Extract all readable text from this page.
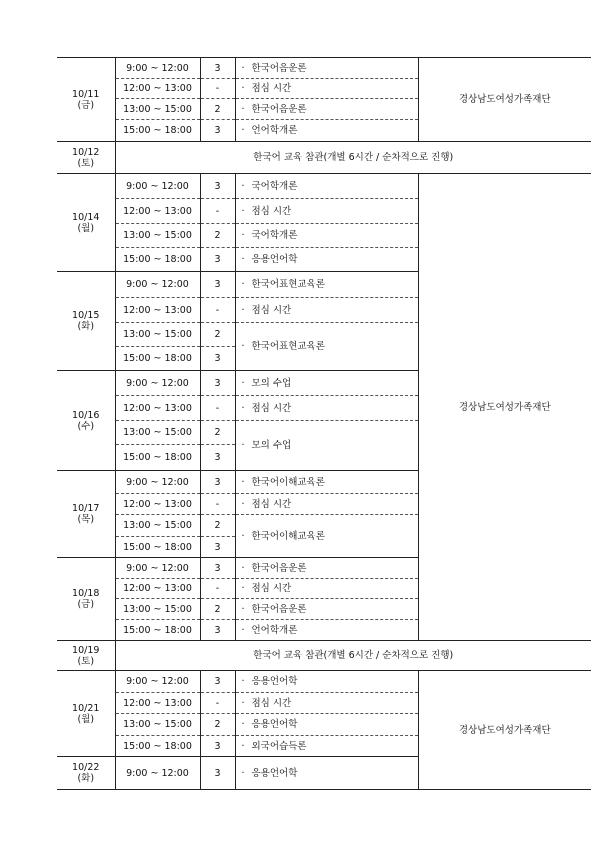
10/11
(금)	9:00 ~ 12:00	3	· 한국어음운론	경상남도여성가족재단
	12:00 ~ 13:00	-	· 점심 시간	
	13:00 ~ 15:00	2	· 한국어음운론	
	15:00 ~ 18:00	3	· 언어학개론	

10/12
(토)	한국어 교육 참관(개별 6시간 / 순차적으로 진행)			

10/14
(월)	9:00 ~ 12:00	3	· 국어학개론	경상남도여성가족재단
	12:00 ~ 13:00	-	· 점심 시간	
	13:00 ~ 15:00	2	· 국어학개론	
	15:00 ~ 18:00	3	· 응용언어학	

10/15
(화)	9:00 ~ 12:00	3	· 한국어표현교육론	
	12:00 ~ 13:00	-	· 점심 시간	
	13:00 ~ 15:00	2	· 한국어표현교육론	
	15:00 ~ 18:00	3		

10/16
(수)	9:00 ~ 12:00	3	· 모의 수업	
	12:00 ~ 13:00	-	· 점심 시간	
	13:00 ~ 15:00	2	· 모의 수업	
	15:00 ~ 18:00	3		

10/17
(목)	9:00 ~ 12:00	3	· 한국어이해교육론	
	12:00 ~ 13:00	-	· 점심 시간	
	13:00 ~ 15:00	2	· 한국어이해교육론	
	15:00 ~ 18:00	3		

10/18
(금)	9:00 ~ 12:00	3	· 한국어음운론	
	12:00 ~ 13:00	-	· 점심 시간	
	13:00 ~ 15:00	2	· 한국어음운론	
	15:00 ~ 18:00	3	· 언어학개론	

10/19
(토)	한국어 교육 참관(개별 6시간 / 순차적으로 진행)			

10/21
(월)	9:00 ~ 12:00	3	· 응용언어학	경상남도여성가족재단
	12:00 ~ 13:00	-	· 점심 시간	
	13:00 ~ 15:00	2	· 응용언어학	
	15:00 ~ 18:00	3	· 외국어습득론	

10/22
(화)	9:00 ~ 12:00	3	· 응용언어학	
